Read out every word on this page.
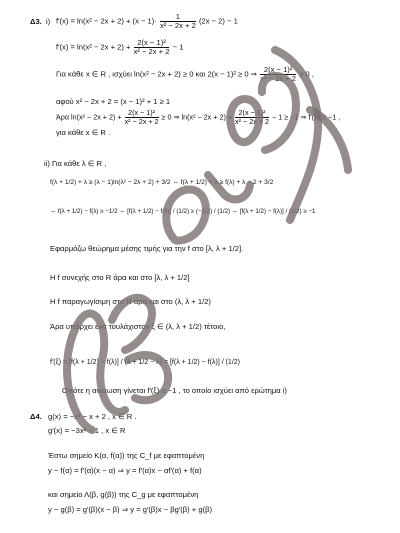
Δ3. i) $f'(x) = \ln(x^2 - 2x + 2) + (x - 1)\cdot \frac{1}{\text{x² − 2x + 2}} (2x - 2) - 1$
$f'(x) = \ln(x^2 - 2x + 2) + \frac{\text{2(x − 1)²}}{\text{x² − 2x + 2}} - 1$
Για κάθε x ∈ R , ισχύει ln(x² − 2x + 2) ≥ 0 και 2(x − 1)² ≥ 0 ⇒ $\frac{\text{2(x − 1)²}}{\text{x² − 2x + 2}} \ge 0$ ,
αφού x² − 2x + 2 = (x − 1)² + 1 ≥ 1
Άρα $\ln(x^2 - 2x + 2) + \frac{\text{2(x − 1)²}}{\text{x² − 2x + 2}} \ge 0$ ⇒ $\ln(x^2 - 2x + 2) + \frac{\text{2(x − 1)²}}{\text{x² − 2x + 2}} - 1 \ge -1$ ⇒ f′(x) ≥ −1 ,
για κάθε x ∈ R .
ii) Για κάθε λ ∈ R ,
f(λ + 1/2) + λ ≥ (λ − 1)ln(λ² − 2λ + 2) + 3/2 ⇔ f(λ + 1/2) + λ ≥ f(λ) + λ + 2 + 3/2
⇔ f(λ + 1/2) − f(λ) ≥ −1/2 ⇔ [f(λ + 1/2) − f(λ)] / (1/2) ≥ (−1/2) / (1/2) ⇔ [f(λ + 1/2) − f(λ)] / (1/2) ≥ −1
Εφαρμόζω θεώρημα μέσης τιμής για την f στο [λ, λ + 1/2].
Η f συνεχής στο R άρα και στο [λ, λ + 1/2]
Η f παραγωγίσιμη στο R άρα και στο (λ, λ + 1/2)
Άρα υπάρχει ένα τουλάχιστον ξ ∈ (λ, λ + 1/2) τέτοιο,
f′(ξ) = [f(λ + 1/2) − f(λ)] / (λ + 1/2 − λ) = [f(λ + 1/2) − f(λ)] / (1/2)
Οπότε η ανίσωση γίνεται f′(ξ) ≥ −1 , το οποίο ισχύει από ερώτημα i)
Δ4. g(x) = −x³ − x + 2 , x ∈ R .
g′(x) = −3x² − 1 , x ∈ R
Έστω σημείο K(α, f(α)) της C_f με εφαπτομένη
y − f(α) = f′(α)(x − α) ⇒ y = f′(α)x − αf′(α) + f(α)
και σημείο Λ(β, g(β)) της C_g με εφαπτομένη
y − g(β) = g′(β)(x − β) ⇒ y = g′(β)x − βg′(β) + g(β)
